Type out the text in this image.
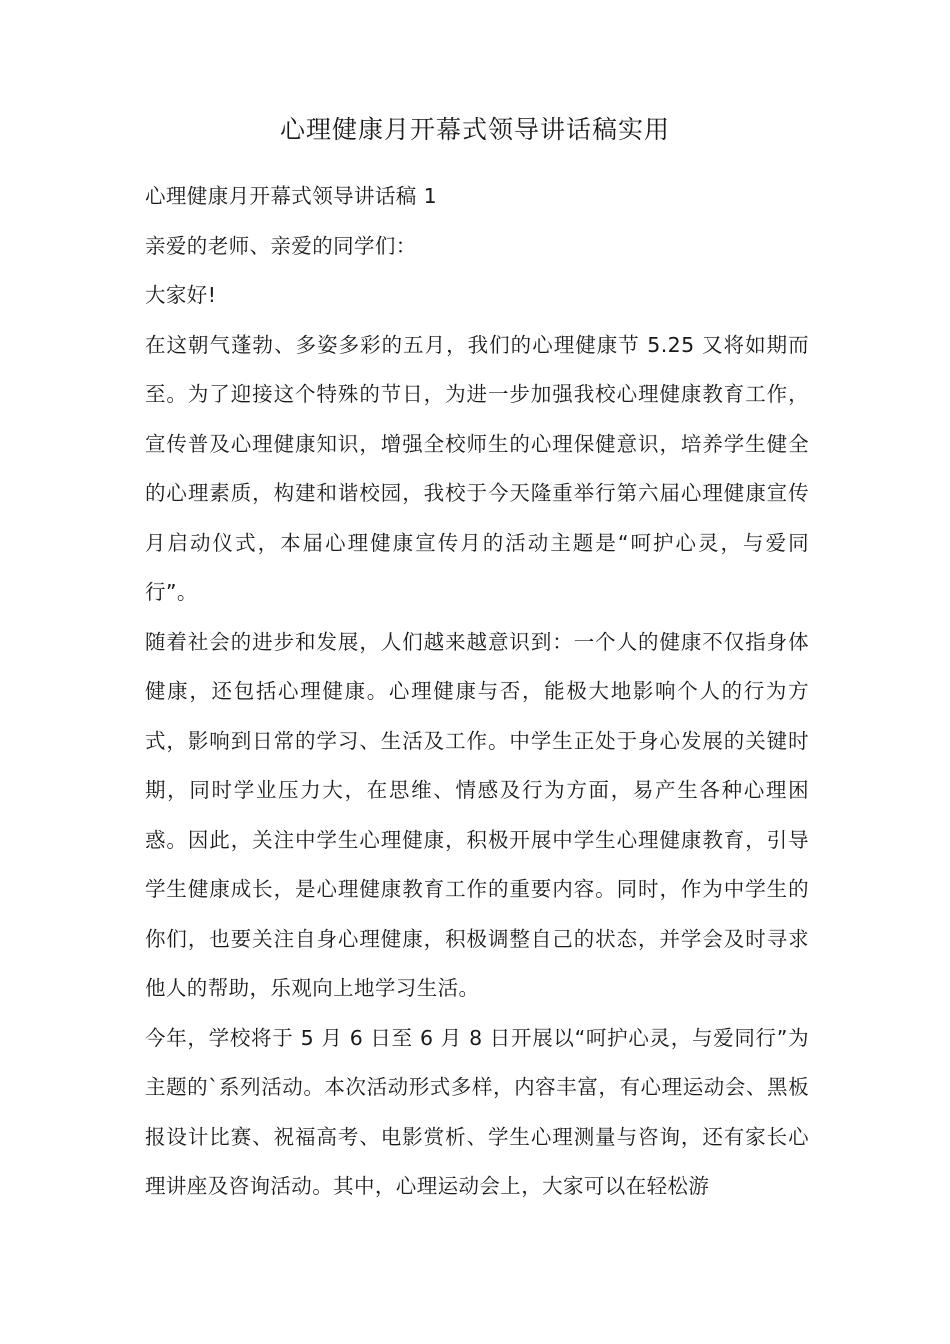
心理健康月开幕式领导讲话稿实用

心理健康月开幕式领导讲话稿 1

亲爱的老师、亲爱的同学们：

大家好!

在这朝气蓬勃、多姿多彩的五月，我们的心理健康节 5.25 又将如期而至。为了迎接这个特殊的节日，为进一步加强我校心理健康教育工作，宣传普及心理健康知识，增强全校师生的心理保健意识，培养学生健全的心理素质，构建和谐校园，我校于今天隆重举行第六届心理健康宣传月启动仪式，本届心理健康宣传月的活动主题是“呵护心灵，与爱同行”。

随着社会的进步和发展，人们越来越意识到：一个人的健康不仅指身体健康，还包括心理健康。心理健康与否，能极大地影响个人的行为方式，影响到日常的学习、生活及工作。中学生正处于身心发展的关键时期，同时学业压力大，在思维、情感及行为方面，易产生各种心理困惑。因此，关注中学生心理健康，积极开展中学生心理健康教育，引导学生健康成长，是心理健康教育工作的重要内容。同时，作为中学生的你们，也要关注自身心理健康，积极调整自己的状态，并学会及时寻求他人的帮助，乐观向上地学习生活。

今年，学校将于 5 月 6 日至 6 月 8 日开展以“呵护心灵，与爱同行”为主题的`系列活动。本次活动形式多样，内容丰富，有心理运动会、黑板报设计比赛、祝福高考、电影赏析、学生心理测量与咨询，还有家长心理讲座及咨询活动。其中，心理运动会上，大家可以在轻松游
